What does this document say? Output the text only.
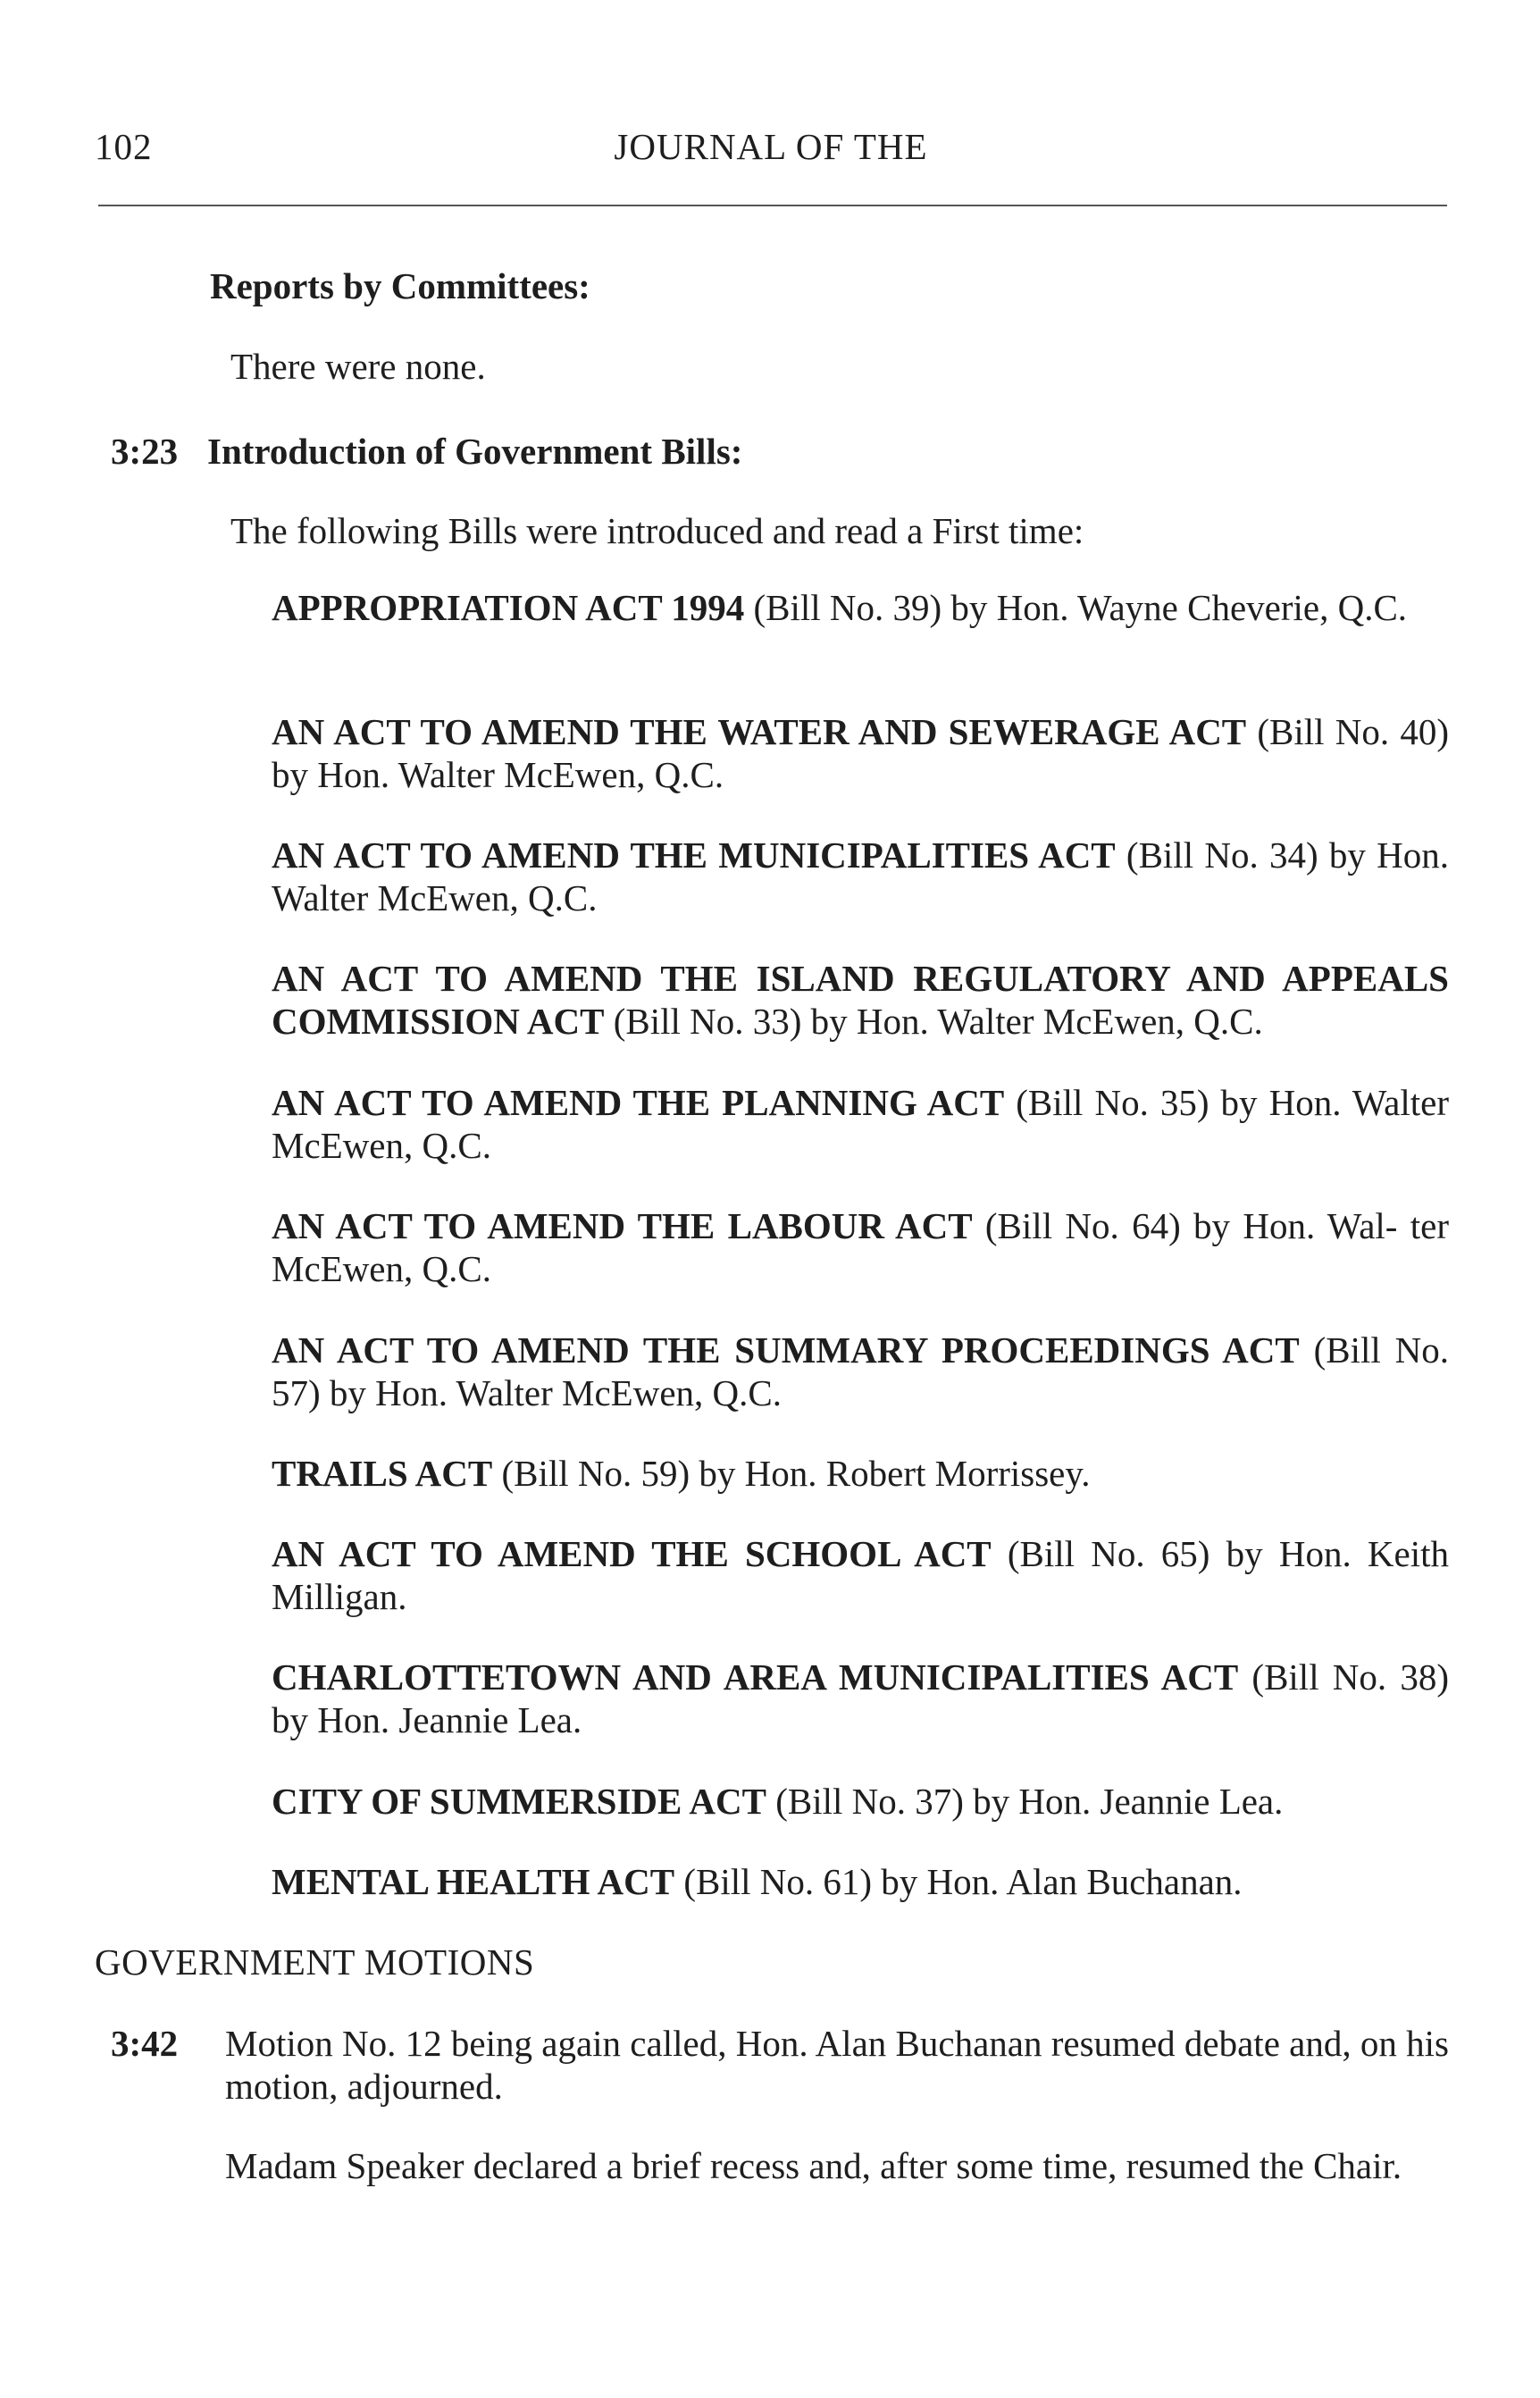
102	JOURNAL OF THE
Reports by Committees:
There were none.
3:23 Introduction of Government Bills:
The following Bills were introduced and read a First time:
APPROPRIATION ACT 1994 (Bill No. 39) by Hon. Wayne Cheverie, Q.C.
AN ACT TO AMEND THE WATER AND SEWERAGE ACT (Bill No. 40) by Hon. Walter McEwen, Q.C.
AN ACT TO AMEND THE MUNICIPALITIES ACT (Bill No. 34) by Hon. Walter McEwen, Q.C.
AN ACT TO AMEND THE ISLAND REGULATORY AND APPEALS COMMISSION ACT (Bill No. 33) by Hon. Walter McEwen, Q.C.
AN ACT TO AMEND THE PLANNING ACT (Bill No. 35) by Hon. Walter McEwen, Q.C.
AN ACT TO AMEND THE LABOUR ACT (Bill No. 64) by Hon. Wal- ter McEwen, Q.C.
AN ACT TO AMEND THE SUMMARY PROCEEDINGS ACT (Bill No. 57) by Hon. Walter McEwen, Q.C.
TRAILS ACT (Bill No. 59) by Hon. Robert Morrissey.
AN ACT TO AMEND THE SCHOOL ACT (Bill No. 65) by Hon. Keith Milligan.
CHARLOTTETOWN AND AREA MUNICIPALITIES ACT (Bill No. 38) by Hon. Jeannie Lea.
CITY OF SUMMERSIDE ACT (Bill No. 37) by Hon. Jeannie Lea.
MENTAL HEALTH ACT (Bill No. 61) by Hon. Alan Buchanan.
GOVERNMENT MOTIONS
3:42 Motion No. 12 being again called, Hon. Alan Buchanan resumed debate and, on his motion, adjourned.
Madam Speaker declared a brief recess and, after some time, resumed the Chair.
